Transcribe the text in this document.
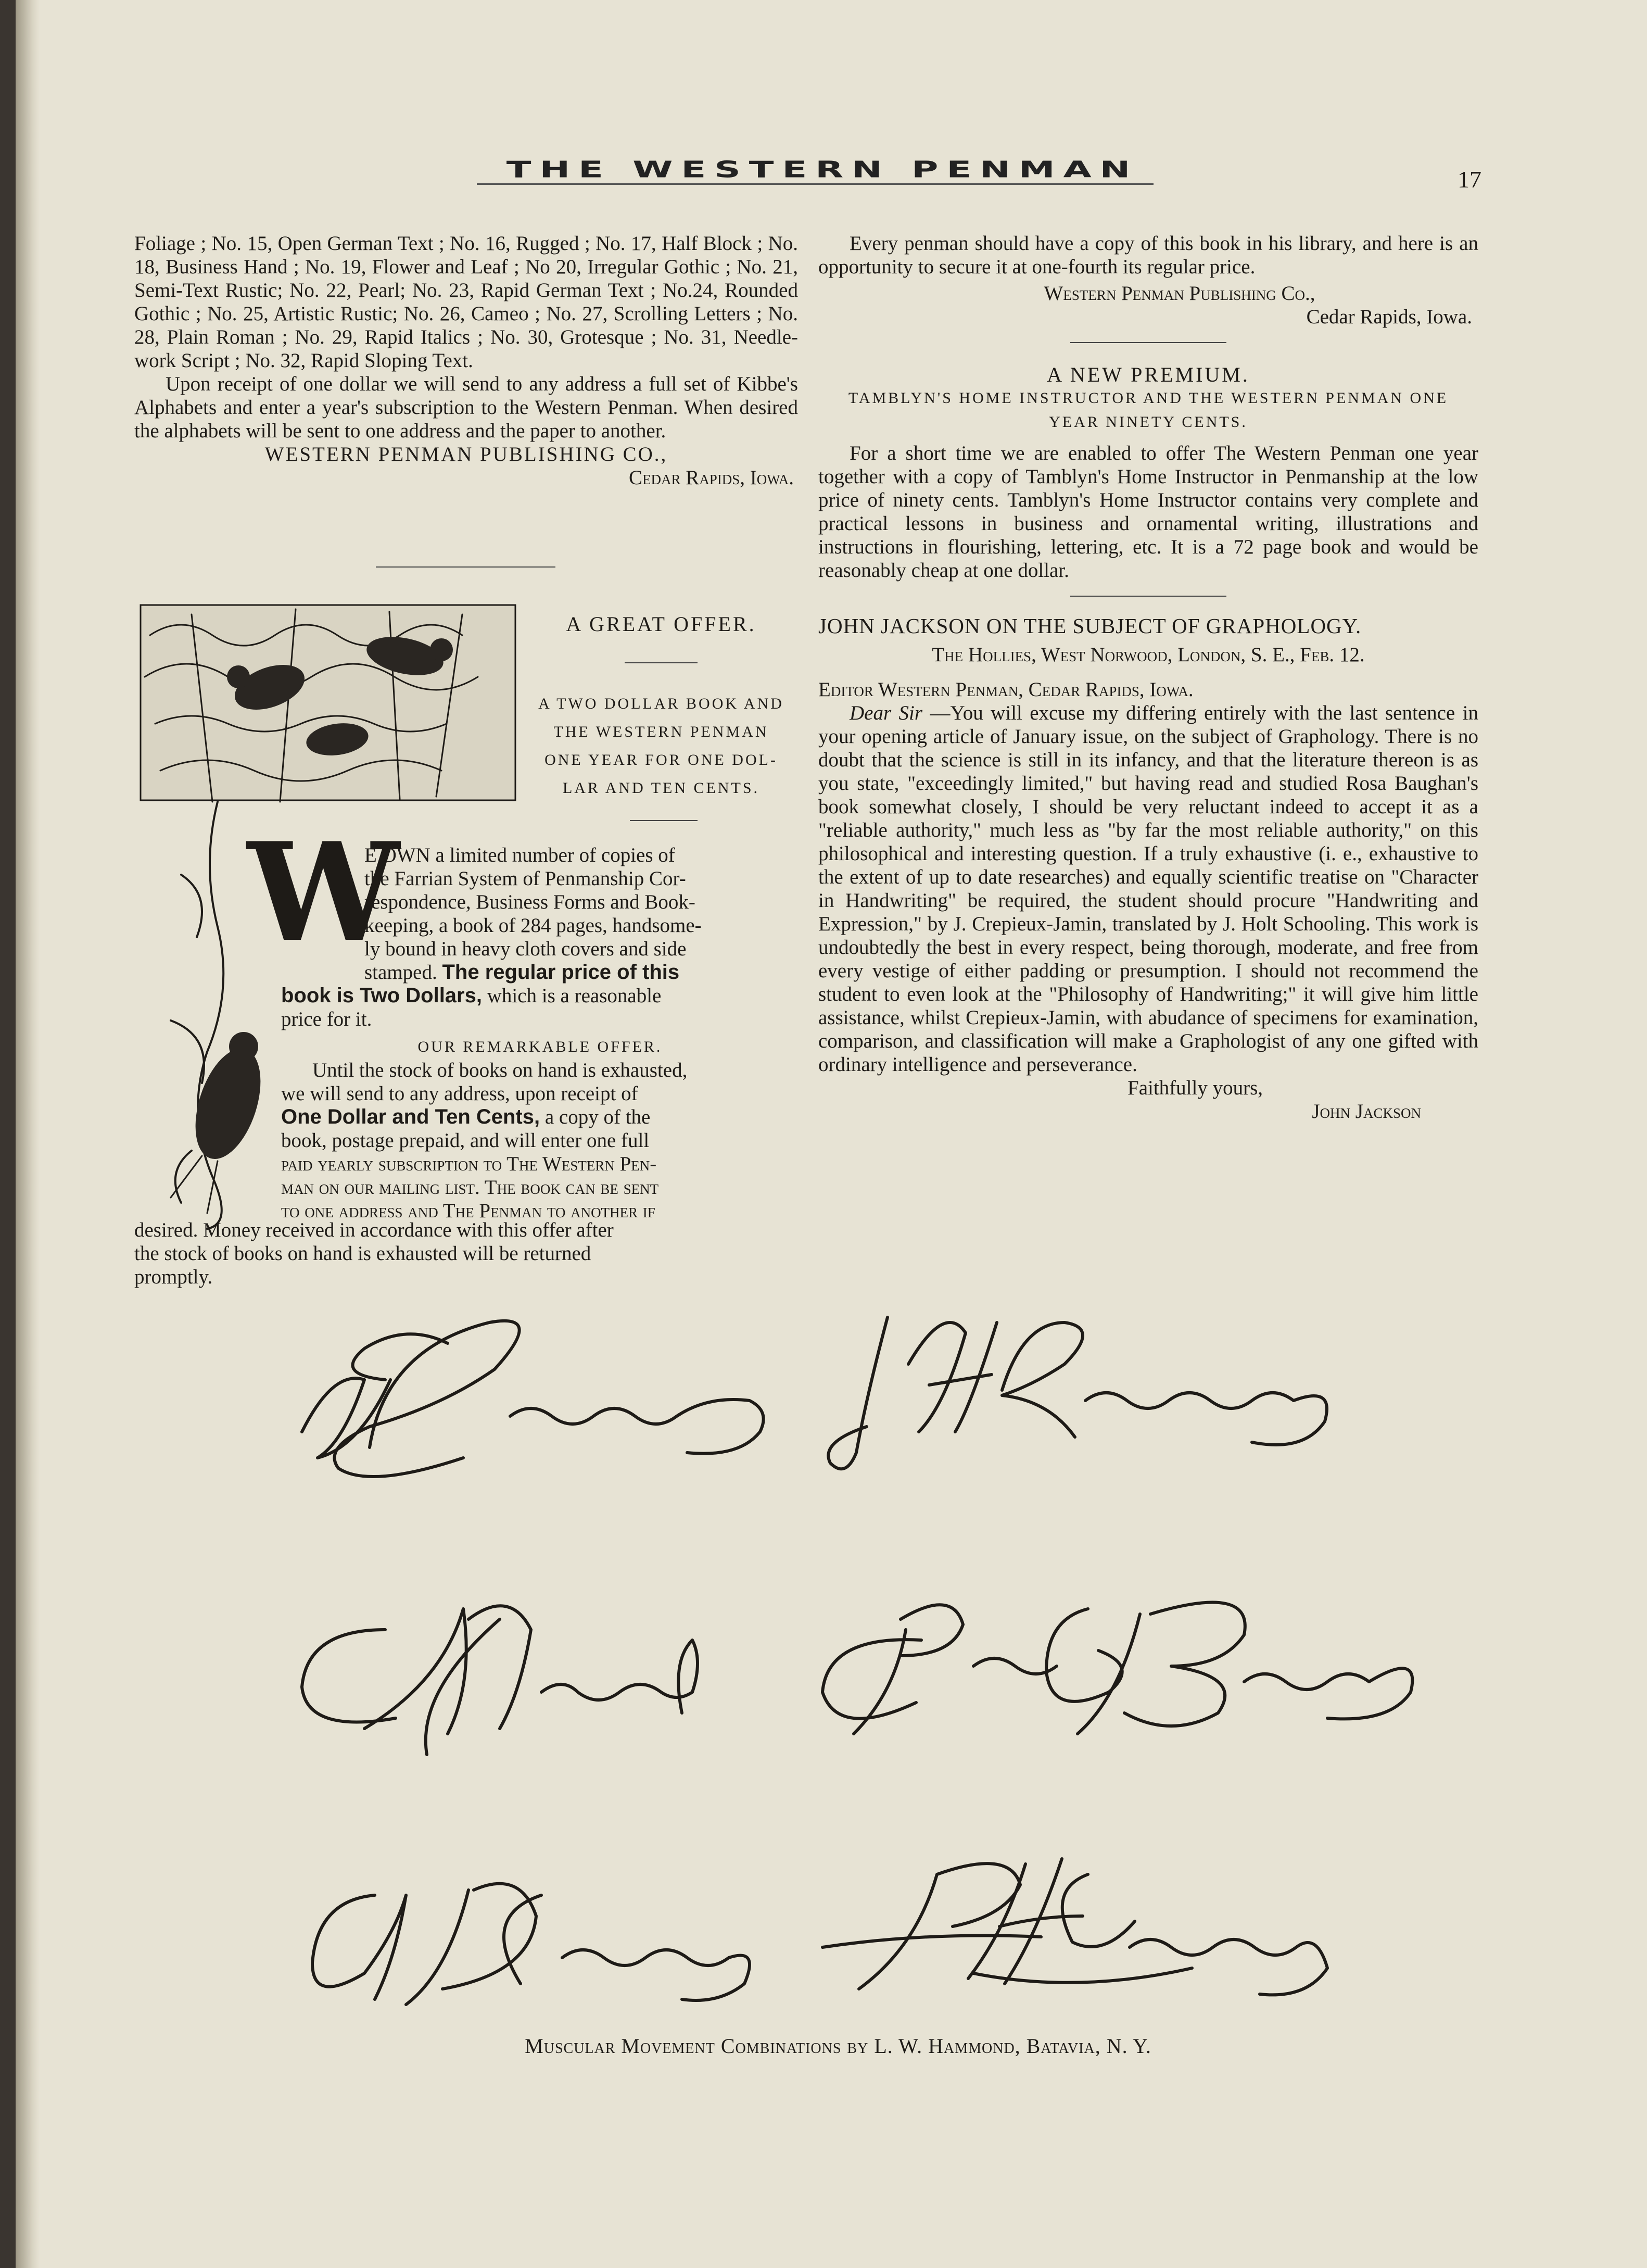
THE WESTERN PENMAN	17

Foliage ; No. 15, Open German Text ; No. 16, Rugged ; No. 17, Half Block ; No. 18, Business Hand ; No. 19, Flower and Leaf ; No 20, Irregular Gothic ; No. 21, Semi-Text Rustic; No. 22, Pearl; No. 23, Rapid German Text ; No.24, Rounded Gothic ; No. 25, Artistic Rustic; No. 26, Cameo ; No. 27, Scrolling Letters ; No. 28, Plain Roman ; No. 29, Rapid Italics ; No. 30, Grotesque ; No. 31, Needle-work Script ; No. 32, Rapid Sloping Text.

Upon receipt of one dollar we will send to any address a full set of Kibbe's Alphabets and enter a year's subscription to the Western Penman. When desired the alphabets will be sent to one address and the paper to another.

WESTERN PENMAN PUBLISHING CO.,

Cedar Rapids, Iowa.

A GREAT OFFER.
A TWO DOLLAR BOOK AND
THE WESTERN PENMAN
ONE YEAR FOR ONE DOL-
LAR AND TEN CENTS.
W

E OWN a limited number of copies of

the Farrian System of Penmanship Cor-

respondence, Business Forms and Book-

keeping, a book of 284 pages, handsome-

ly bound in heavy cloth covers and side

stamped. The regular price of this

book is Two Dollars, which is a reasonable

price for it.

OUR REMARKABLE OFFER.

Until the stock of books on hand is exhausted,

we will send to any address, upon receipt of

One Dollar and Ten Cents, a copy of the

book, postage prepaid, and will enter one full

paid yearly subscription to The Western Pen-

man on our mailing list. The book can be sent

to one address and The Penman to another if

desired. Money received in accordance with this offer after

the stock of books on hand is exhausted will be returned

promptly.

Every penman should have a copy of this book in his library, and here is an opportunity to secure it at one-fourth its regular price.

Western Penman Publishing Co.,

Cedar Rapids, Iowa.

A NEW PREMIUM.

TAMBLYN'S HOME INSTRUCTOR AND THE WESTERN PENMAN ONE

YEAR NINETY CENTS.

For a short time we are enabled to offer The Western Penman one year together with a copy of Tamblyn's Home Instructor in Penmanship at the low price of ninety cents. Tamblyn's Home Instructor contains very complete and practical lessons in business and ornamental writing, illustrations and instructions in flourishing, lettering, etc. It is a 72 page book and would be reasonably cheap at one dollar.

JOHN JACKSON ON THE SUBJECT OF GRAPHOLOGY.

The Hollies, West Norwood, London, S. E., Feb. 12.

Editor Western Penman, Cedar Rapids, Iowa.

Dear Sir —You will excuse my differing entirely with the last sentence in your opening article of January issue, on the subject of Graphology. There is no doubt that the science is still in its infancy, and that the literature thereon is as you state, "exceedingly limited," but having read and studied Rosa Baughan's book somewhat closely, I should be very reluctant indeed to accept it as a "reliable authority," much less as "by far the most reliable authority," on this philosophical and interesting question. If a truly exhaustive (i. e., exhaustive to the extent of up to date researches) and equally scientific treatise on "Character in Handwriting" be required, the student should procure "Handwriting and Expression," by J. Crepieux-Jamin, translated by J. Holt Schooling. This work is undoubtedly the best in every respect, being thorough, moderate, and free from every vestige of either padding or presumption. I should not recommend the student to even look at the "Philosophy of Handwriting;" it will give him little assistance, whilst Crepieux-Jamin, with abudance of specimens for examination, comparison, and classification will make a Graphologist of any one gifted with ordinary intelligence and perseverance.

Faithfully yours,

John Jackson

Muscular Movement Combinations by L. W. Hammond, Batavia, N. Y.
